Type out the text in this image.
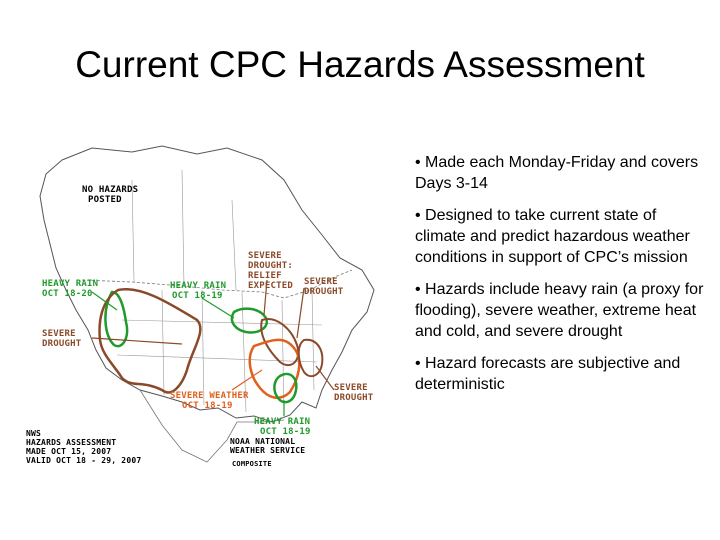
Current CPC Hazards Assessment
NO HAZARDS POSTED
HEAVY RAIN OCT 18-20
HEAVY RAIN OCT 18-19
SEVERE DROUGHT: RELIEF EXPECTED	SEVERE DROUGHT
SEVERE DROUGHT
SEVERE WEATHER OCT 18-19
SEVERE DROUGHT
HEAVY RAIN OCT 18-19
NWS HAZARDS ASSESSMENT MADE OCT 15, 2007 VALID OCT 18 - 29, 2007
NOAA NATIONAL WEATHER SERVICE
COMPOSITE
• Made each Monday-Friday and covers Days 3-14
• Designed to take current state of climate and predict hazardous weather conditions in support of CPC’s mission
• Hazards include heavy rain (a proxy for flooding), severe weather, extreme heat and cold, and severe drought
• Hazard forecasts are subjective and deterministic
